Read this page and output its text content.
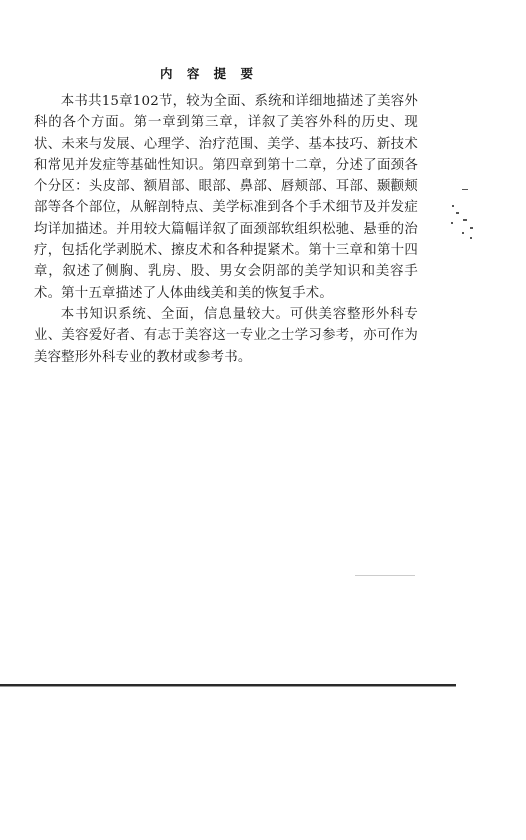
内 容 提 要

本书共15章102节，较为全面、系统和详细地描述了美容外科的各个方面。第一章到第三章，详叙了美容外科的历史、现状、未来与发展、心理学、治疗范围、美学、基本技巧、新技术和常见并发症等基础性知识。第四章到第十二章，分述了面颈各个分区：头皮部、额眉部、眼部、鼻部、唇颊部、耳部、颞颧颊部等各个部位，从解剖特点、美学标准到各个手术细节及并发症均详加描述。并用较大篇幅详叙了面颈部软组织松驰、悬垂的治疗，包括化学剥脱术、擦皮术和各种提紧术。第十三章和第十四章，叙述了侧胸、乳房、股、男女会阴部的美学知识和美容手术。第十五章描述了人体曲线美和美的恢复手术。

本书知识系统、全面，信息量较大。可供美容整形外科专业、美容爱好者、有志于美容这一专业之士学习参考，亦可作为美容整形外科专业的教材或参考书。
